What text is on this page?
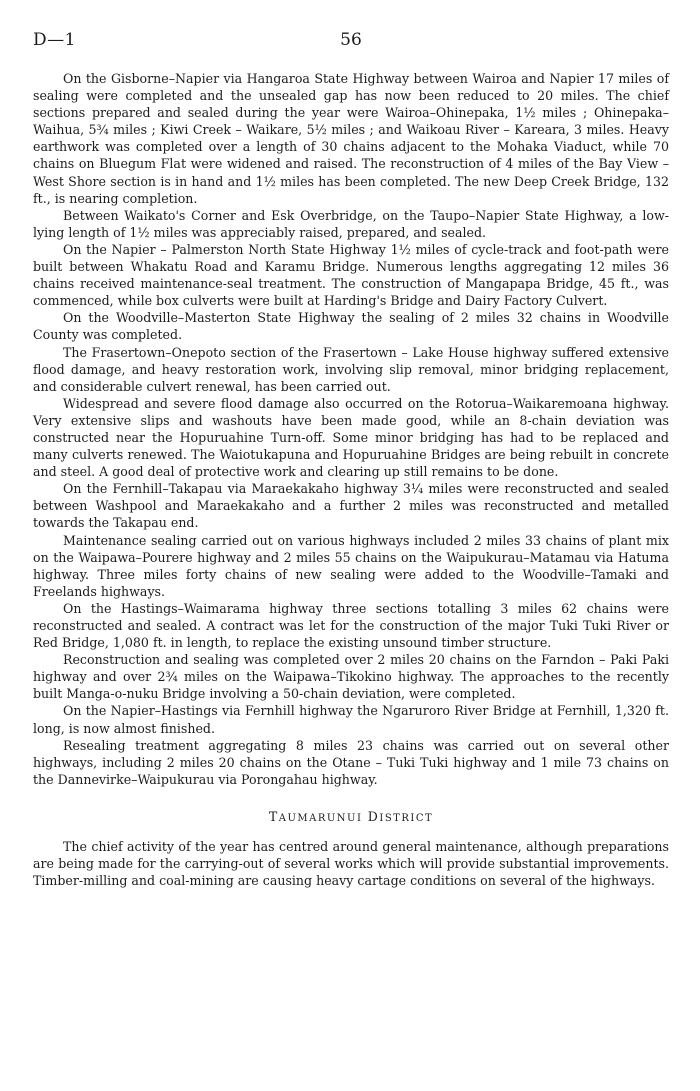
D—1	56

On the Gisborne–Napier via Hangaroa State Highway between Wairoa and Napier 17 miles of sealing were completed and the unsealed gap has now been reduced to 20 miles. The chief sections prepared and sealed during the year were Wairoa–Ohinepaka, 1½ miles ; Ohinepaka–Waihua, 5¾ miles ; Kiwi Creek – Waikare, 5½ miles ; and Waikoau River – Kareara, 3 miles. Heavy earthwork was completed over a length of 30 chains adjacent to the Mohaka Viaduct, while 70 chains on Bluegum Flat were widened and raised. The reconstruction of 4 miles of the Bay View – West Shore section is in hand and 1½ miles has been completed. The new Deep Creek Bridge, 132 ft., is nearing completion.

Between Waikato's Corner and Esk Overbridge, on the Taupo–Napier State Highway, a low-lying length of 1½ miles was appreciably raised, prepared, and sealed.

On the Napier – Palmerston North State Highway 1½ miles of cycle-track and foot-path were built between Whakatu Road and Karamu Bridge. Numerous lengths aggregating 12 miles 36 chains received maintenance-seal treatment. The construction of Mangapapa Bridge, 45 ft., was commenced, while box culverts were built at Harding's Bridge and Dairy Factory Culvert.

On the Woodville–Masterton State Highway the sealing of 2 miles 32 chains in Woodville County was completed.

The Frasertown–Onepoto section of the Frasertown – Lake House highway suffered extensive flood damage, and heavy restoration work, involving slip removal, minor bridging replacement, and considerable culvert renewal, has been carried out.

Widespread and severe flood damage also occurred on the Rotorua–Waikaremoana highway. Very extensive slips and washouts have been made good, while an 8-chain deviation was constructed near the Hopuruahine Turn-off. Some minor bridging has had to be replaced and many culverts renewed. The Waiotukapuna and Hopuruahine Bridges are being rebuilt in concrete and steel. A good deal of protective work and clearing up still remains to be done.

On the Fernhill–Takapau via Maraekakaho highway 3¼ miles were reconstructed and sealed between Washpool and Maraekakaho and a further 2 miles was reconstructed and metalled towards the Takapau end.

Maintenance sealing carried out on various highways included 2 miles 33 chains of plant mix on the Waipawa–Pourere highway and 2 miles 55 chains on the Waipukurau–Matamau via Hatuma highway. Three miles forty chains of new sealing were added to the Woodville–Tamaki and Freelands highways.

On the Hastings–Waimarama highway three sections totalling 3 miles 62 chains were reconstructed and sealed. A contract was let for the construction of the major Tuki Tuki River or Red Bridge, 1,080 ft. in length, to replace the existing unsound timber structure.

Reconstruction and sealing was completed over 2 miles 20 chains on the Farndon – Paki Paki highway and over 2¾ miles on the Waipawa–Tikokino highway. The approaches to the recently built Manga-o-nuku Bridge involving a 50-chain deviation, were completed.

On the Napier–Hastings via Fernhill highway the Ngaruroro River Bridge at Fernhill, 1,320 ft. long, is now almost finished.

Resealing treatment aggregating 8 miles 23 chains was carried out on several other highways, including 2 miles 20 chains on the Otane – Tuki Tuki highway and 1 mile 73 chains on the Dannevirke–Waipukurau via Porongahau highway.

TAUMARUNUI DISTRICT

The chief activity of the year has centred around general maintenance, although preparations are being made for the carrying-out of several works which will provide substantial improvements. Timber-milling and coal-mining are causing heavy cartage conditions on several of the highways.
